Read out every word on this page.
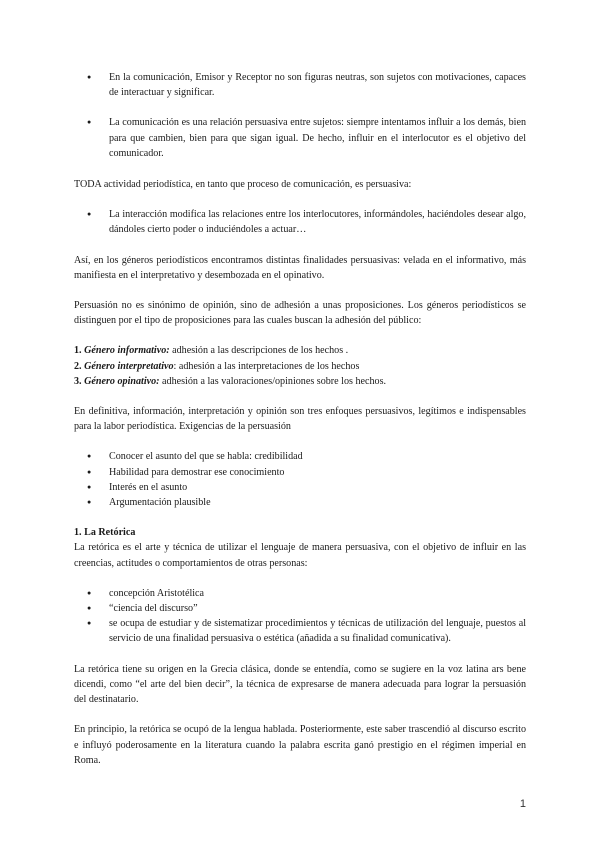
● En la comunicación, Emisor y Receptor no son figuras neutras, son sujetos con motivaciones, capaces de interactuar y significar.
● La comunicación es una relación persuasiva entre sujetos: siempre intentamos influir a los demás, bien para que cambien, bien para que sigan igual. De hecho, influir en el interlocutor es el objetivo del comunicador.

TODA actividad periodística, en tanto que proceso de comunicación, es persuasiva:

● La interacción modifica las relaciones entre los interlocutores, informándoles, haciéndoles desear algo, dándoles cierto poder o induciéndoles a actuar…

Así, en los géneros periodísticos encontramos distintas finalidades persuasivas: velada en el informativo, más manifiesta en el interpretativo y desembozada en el opinativo.

Persuasión no es sinónimo de opinión, sino de adhesión a unas proposiciones. Los géneros periodísticos se distinguen por el tipo de proposiciones para las cuales buscan la adhesión del público:

1. Género informativo: adhesión a las descripciones de los hechos .
2. Género interpretativo: adhesión a las interpretaciones de los hechos
3. Género opinativo: adhesión a las valoraciones/opiniones sobre los hechos.

En definitiva, información, interpretación y opinión son tres enfoques persuasivos, legítimos e indispensables para la labor periodística. Exigencias de la persuasión

● Conocer el asunto del que se habla: credibilidad
● Habilidad para demostrar ese conocimiento
● Interés en el asunto
● Argumentación plausible
1. La Retórica

La retórica es el arte y técnica de utilizar el lenguaje de manera persuasiva, con el objetivo de influir en las creencias, actitudes o comportamientos de otras personas:

● concepción Aristotélica
● “ciencia del discurso”
● se ocupa de estudiar y de sistematizar procedimientos y técnicas de utilización del lenguaje, puestos al servicio de una finalidad persuasiva o estética (añadida a su finalidad comunicativa).

La retórica tiene su origen en la Grecia clásica, donde se entendía, como se sugiere en la voz latina ars bene dicendi, como “el arte del bien decir”, la técnica de expresarse de manera adecuada para lograr la persuasión del destinatario.

En principio, la retórica se ocupó de la lengua hablada. Posteriormente, este saber trascendió al discurso escrito e influyó poderosamente en la literatura cuando la palabra escrita ganó prestigio en el régimen imperial en Roma.

1
